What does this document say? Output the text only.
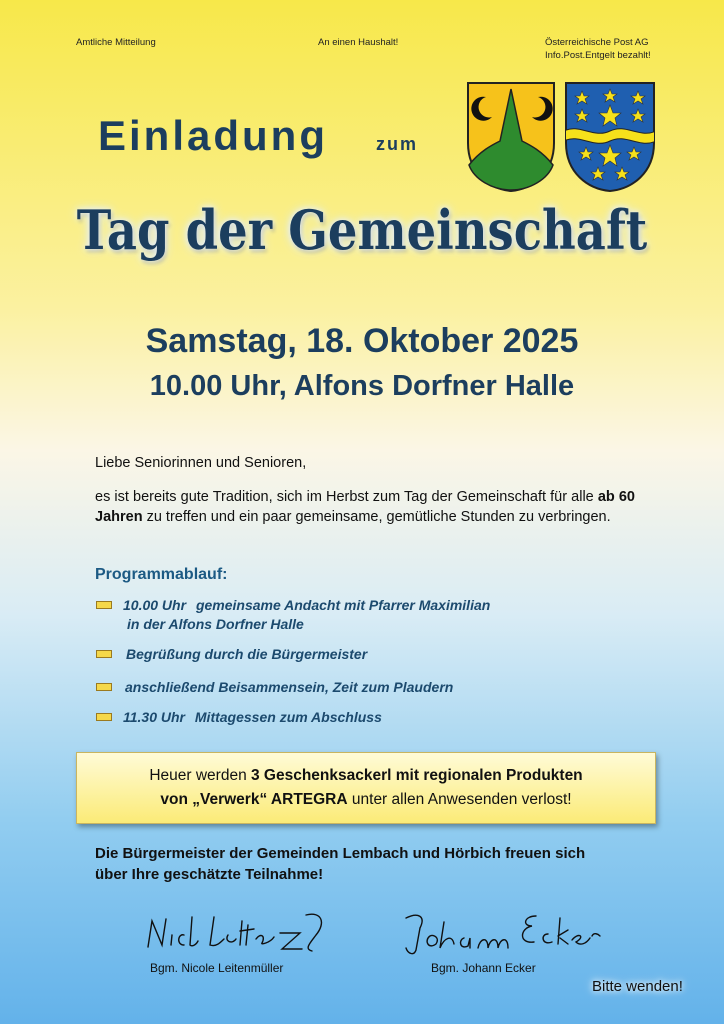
Amtliche Mitteilung	An einen Haushalt!	Österreichische Post AG
Info.Post.Entgelt bezahlt!
Einladung	zum
Tag der Gemeinschaft
Samstag, 18. Oktober 2025
10.00 Uhr, Alfons Dorfner Halle
Liebe Seniorinnen und Senioren,
es ist bereits gute Tradition, sich im Herbst zum Tag der Gemeinschaft für alle ab 60 Jahren zu treffen und ein paar gemeinsame, gemütliche Stunden zu verbringen.
Programmablauf:
10.00 Uhr gemeinsame Andacht mit Pfarrer Maximilian
in der Alfons Dorfner Halle
Begrüßung durch die Bürgermeister
anschließend Beisammensein, Zeit zum Plaudern
11.30 Uhr Mittagessen zum Abschluss
Heuer werden 3 Geschenksackerl mit regionalen Produkten
von „Verwerk“ ARTEGRA unter allen Anwesenden verlost!
Die Bürgermeister der Gemeinden Lembach und Hörbich freuen sich
über Ihre geschätzte Teilnahme!
Bgm. Nicole Leitenmüller	Bgm. Johann Ecker
Bitte wenden!
